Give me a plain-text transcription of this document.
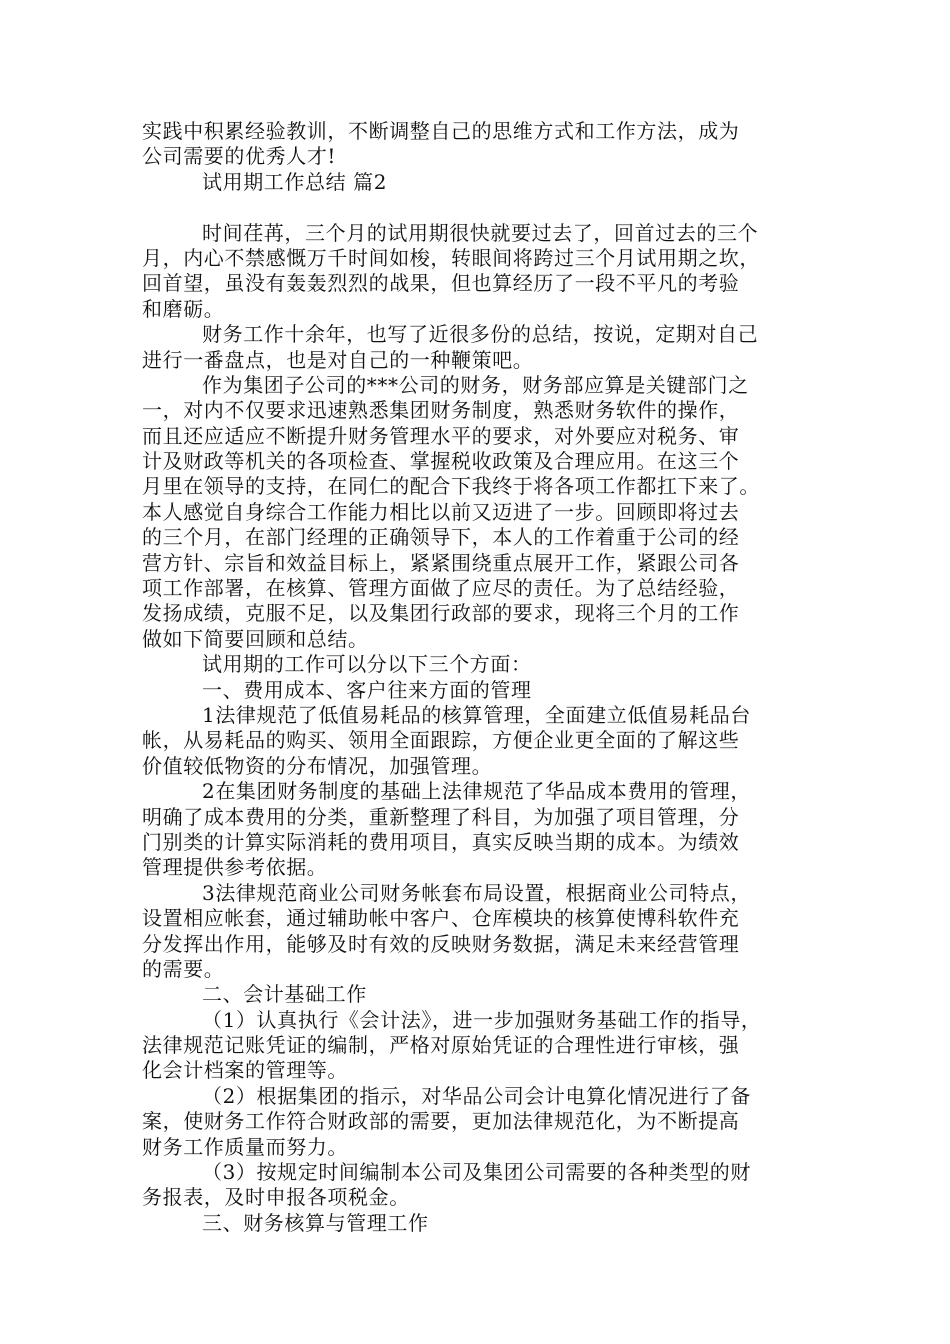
实践中积累经验教训，不断调整自己的思维方式和工作方法，成为
公司需要的优秀人才!
试用期工作总结 篇2
时间荏苒，三个月的试用期很快就要过去了，回首过去的三个
月，内心不禁感慨万千时间如梭，转眼间将跨过三个月试用期之坎，
回首望，虽没有轰轰烈烈的战果，但也算经历了一段不平凡的考验
和磨砺。
财务工作十余年，也写了近很多份的总结，按说，定期对自己
进行一番盘点，也是对自己的一种鞭策吧。
作为集团子公司的***公司的财务，财务部应算是关键部门之
一，对内不仅要求迅速熟悉集团财务制度，熟悉财务软件的操作，
而且还应适应不断提升财务管理水平的要求，对外要应对税务、审
计及财政等机关的各项检查、掌握税收政策及合理应用。在这三个
月里在领导的支持，在同仁的配合下我终于将各项工作都扛下来了。
本人感觉自身综合工作能力相比以前又迈进了一步。回顾即将过去
的三个月，在部门经理的正确领导下，本人的工作着重于公司的经
营方针、宗旨和效益目标上，紧紧围绕重点展开工作，紧跟公司各
项工作部署，在核算、管理方面做了应尽的责任。为了总结经验，
发扬成绩，克服不足，以及集团行政部的要求，现将三个月的工作
做如下简要回顾和总结。
试用期的工作可以分以下三个方面：
一、费用成本、客户往来方面的管理
1法律规范了低值易耗品的核算管理，全面建立低值易耗品台
帐，从易耗品的购买、领用全面跟踪，方便企业更全面的了解这些
价值较低物资的分布情况，加强管理。
2在集团财务制度的基础上法律规范了华品成本费用的管理，
明确了成本费用的分类，重新整理了科目，为加强了项目管理，分
门别类的计算实际消耗的费用项目，真实反映当期的成本。为绩效
管理提供参考依据。
3法律规范商业公司财务帐套布局设置，根据商业公司特点，
设置相应帐套，通过辅助帐中客户、仓库模块的核算使博科软件充
分发挥出作用，能够及时有效的反映财务数据，满足未来经营管理
的需要。
二、会计基础工作
（1）认真执行《会计法》，进一步加强财务基础工作的指导，
法律规范记账凭证的编制，严格对原始凭证的合理性进行审核，强
化会计档案的管理等。
（2）根据集团的指示，对华品公司会计电算化情况进行了备
案，使财务工作符合财政部的需要，更加法律规范化，为不断提高
财务工作质量而努力。
（3）按规定时间编制本公司及集团公司需要的各种类型的财
务报表，及时申报各项税金。
三、财务核算与管理工作
